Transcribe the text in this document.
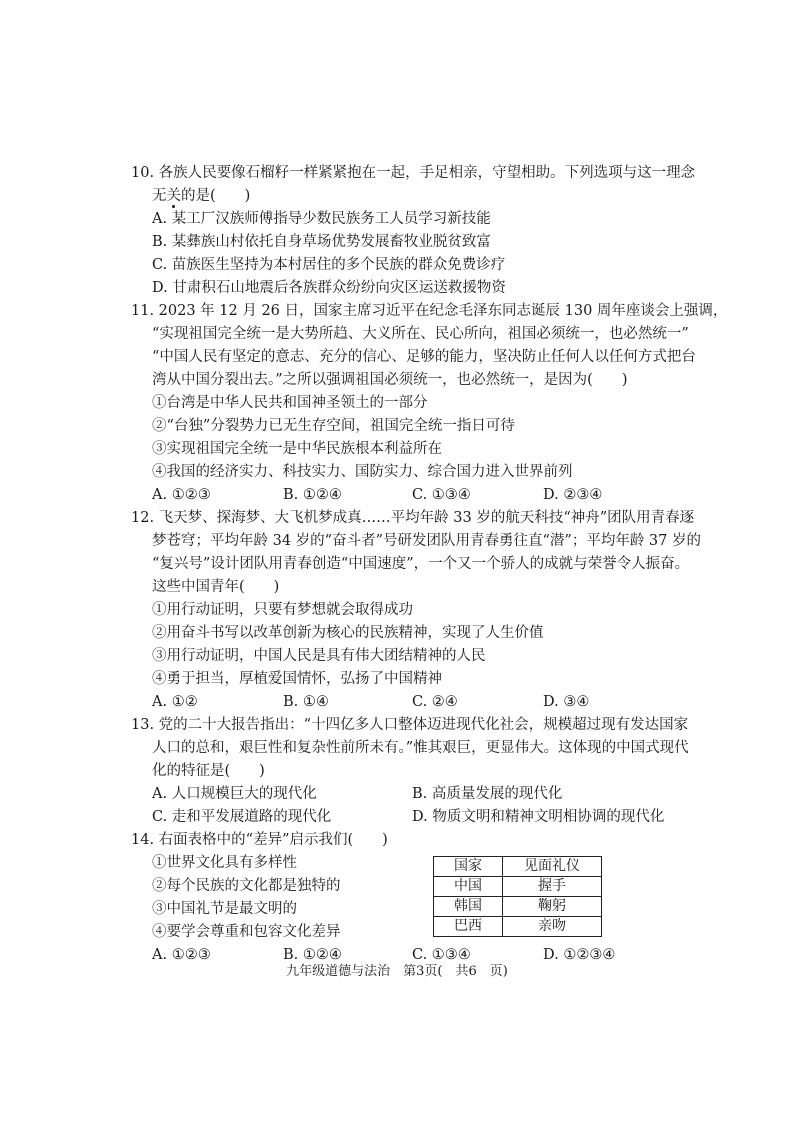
10. 各族人民要像石榴籽一样紧紧抱在一起，手足相亲，守望相助。下列选项与这一理念
无关的是(　　)
A. 某工厂汉族师傅指导少数民族务工人员学习新技能
B. 某彝族山村依托自身草场优势发展畜牧业脱贫致富
C. 苗族医生坚持为本村居住的多个民族的群众免费诊疗
D. 甘肃积石山地震后各族群众纷纷向灾区运送救援物资
11. 2023 年 12 月 26 日，国家主席习近平在纪念毛泽东同志诞辰 130 周年座谈会上强调，
“实现祖国完全统一是大势所趋、大义所在、民心所向，祖国必须统一，也必然统一”
“中国人民有坚定的意志、充分的信心、足够的能力，坚决防止任何人以任何方式把台
湾从中国分裂出去。”之所以强调祖国必须统一，也必然统一，是因为(　　)
①台湾是中华人民共和国神圣领土的一部分
②“台独”分裂势力已无生存空间，祖国完全统一指日可待
③实现祖国完全统一是中华民族根本利益所在
④我国的经济实力、科技实力、国防实力、综合国力进入世界前列
A. ①②③	B. ①②④	C. ①③④	D. ②③④
12. 飞天梦、探海梦、大飞机梦成真……平均年龄 33 岁的航天科技“神舟”团队用青春逐
梦苍穹；平均年龄 34 岁的“奋斗者”号研发团队用青春勇往直“潜”；平均年龄 37 岁的
“复兴号”设计团队用青春创造“中国速度”，一个又一个骄人的成就与荣誉令人振奋。
这些中国青年(　　)
①用行动证明，只要有梦想就会取得成功
②用奋斗书写以改革创新为核心的民族精神，实现了人生价值
③用行动证明，中国人民是具有伟大团结精神的人民
④勇于担当，厚植爱国情怀，弘扬了中国精神
A. ①②	B. ①④	C. ②④	D. ③④
13. 党的二十大报告指出：“十四亿多人口整体迈进现代化社会，规模超过现有发达国家
人口的总和，艰巨性和复杂性前所未有。”惟其艰巨，更显伟大。这体现的中国式现代
化的特征是(　　)
A. 人口规模巨大的现代化	B. 高质量发展的现代化
C. 走和平发展道路的现代化	D. 物质文明和精神文明相协调的现代化
14. 右面表格中的“差异”启示我们(　　)
①世界文化具有多样性
②每个民族的文化都是独特的
③中国礼节是最文明的
④要学会尊重和包容文化差异
国家	见面礼仪
中国	握手
韩国	鞠躬
巴西	亲吻
A. ①②③	B. ①②④	C. ①③④	D. ①②③④
九年级道德与法治　第3页(　共6　页)
